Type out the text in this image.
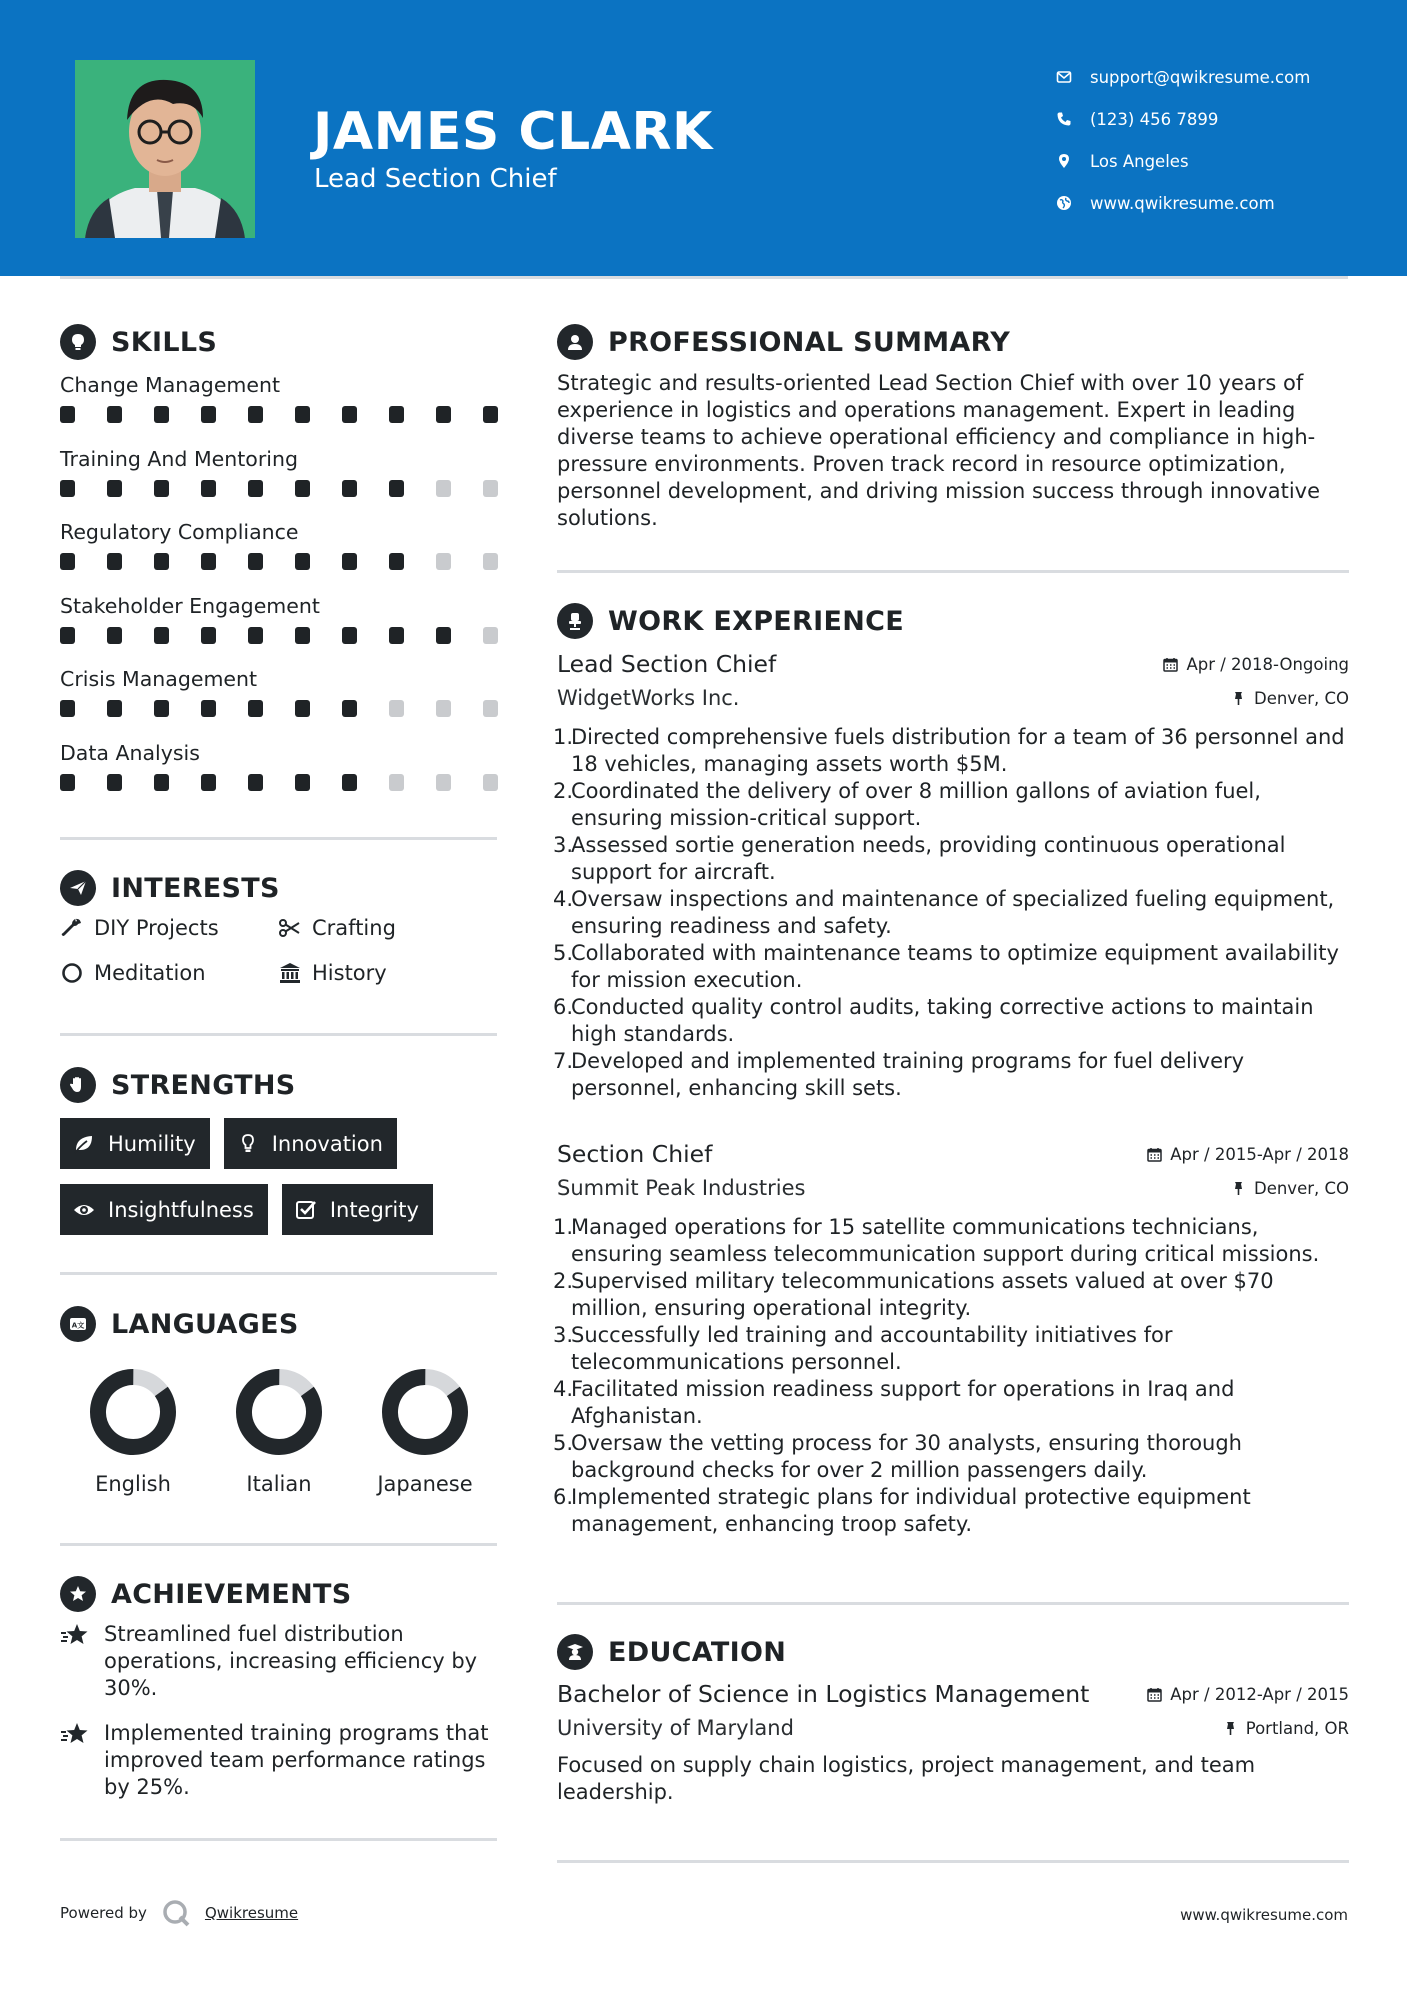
JAMES CLARK
Lead Section Chief
support@qwikresume.com
(123) 456 7899
Los Angeles
www.qwikresume.com
SKILLS
Change Management
Training And Mentoring
Regulatory Compliance
Stakeholder Engagement
Crisis Management
Data Analysis
INTERESTS
DIY Projects	Crafting
Meditation	History
STRENGTHS
Humility	Innovation
Insightfulness	Integrity
A文 LANGUAGES
English	Italian	Japanese
ACHIEVEMENTS
Streamlined fuel distribution operations, increasing efficiency by 30%.
Implemented training programs that improved team performance ratings by 25%.
Powered by	Qwikresume	www.qwikresume.com
PROFESSIONAL SUMMARY
Strategic and results-oriented Lead Section Chief with over 10 years of experience in logistics and operations management. Expert in leading diverse teams to achieve operational efficiency and compliance in high-pressure environments. Proven track record in resource optimization, personnel development, and driving mission success through innovative solutions.
WORK EXPERIENCE
Lead Section Chief	Apr / 2018-Ongoing
WidgetWorks Inc.	Denver, CO
1.
Directed comprehensive fuels distribution for a team of 36 personnel and 18 vehicles, managing assets worth $5M.
2.
Coordinated the delivery of over 8 million gallons of aviation fuel, ensuring mission-critical support.
3.
Assessed sortie generation needs, providing continuous operational support for aircraft.
4.
Oversaw inspections and maintenance of specialized fueling equipment, ensuring readiness and safety.
5.
Collaborated with maintenance teams to optimize equipment availability for mission execution.
6.
Conducted quality control audits, taking corrective actions to maintain high standards.
7.
Developed and implemented training programs for fuel delivery personnel, enhancing skill sets.
Section Chief	Apr / 2015-Apr / 2018
Summit Peak Industries	Denver, CO
1.
Managed operations for 15 satellite communications technicians, ensuring seamless telecommunication support during critical missions.
2.
Supervised military telecommunications assets valued at over $70 million, ensuring operational integrity.
3.
Successfully led training and accountability initiatives for telecommunications personnel.
4.
Facilitated mission readiness support for operations in Iraq and Afghanistan.
5.
Oversaw the vetting process for 30 analysts, ensuring thorough background checks for over 2 million passengers daily.
6.
Implemented strategic plans for individual protective equipment management, enhancing troop safety.
EDUCATION
Bachelor of Science in Logistics Management	Apr / 2012-Apr / 2015
University of Maryland	Portland, OR
Focused on supply chain logistics, project management, and team leadership.
